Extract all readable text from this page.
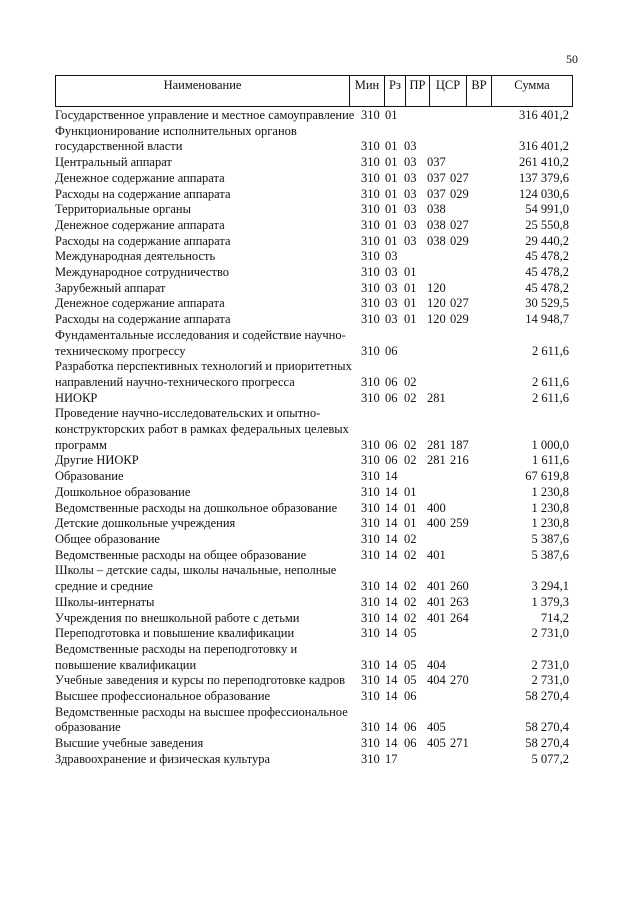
50
Наименование	Мин Рз ПР ЦСР ВР	Сумма
Государственное управление и местное самоуправление 310 01	316 401,2
Функционирование исполнительных органов государственной власти	310 01 03	316 401,2
Центральный аппарат	310 01 03 037	261 410,2
Денежное содержание аппарата	310 01 03 037 027	137 379,6
Расходы на содержание аппарата	310 01 03 037 029	124 030,6
Территориальные органы	310 01 03 038	54 991,0
Денежное содержание аппарата	310 01 03 038 027	25 550,8
Расходы на содержание аппарата	310 01 03 038 029	29 440,2
Международная деятельность	310 03	45 478,2
Международное сотрудничество	310 03 01	45 478,2
Зарубежный аппарат	310 03 01 120	45 478,2
Денежное содержание аппарата	310 03 01 120 027	30 529,5
Расходы на содержание аппарата	310 03 01 120 029	14 948,7
Фундаментальные исследования и содействие научно-техническому прогрессу	310 06	2 611,6
Разработка перспективных технологий и приоритетных направлений научно-технического прогресса	310 06 02	2 611,6
НИОКР	310 06 02 281	2 611,6
Проведение научно-исследовательских и опытно-конструкторских работ в рамках федеральных целевых программ	310 06 02 281 187	1 000,0
Другие НИОКР	310 06 02 281 216	1 611,6
Образование	310 14	67 619,8
Дошкольное образование	310 14 01	1 230,8
Ведомственные расходы на дошкольное образование	310 14 01 400	1 230,8
Детские дошкольные учреждения	310 14 01 400 259	1 230,8
Общее образование	310 14 02	5 387,6
Ведомственные расходы на общее образование	310 14 02 401	5 387,6
Школы – детские сады, школы начальные, неполные средние и средние	310 14 02 401 260	3 294,1
Школы-интернаты	310 14 02 401 263	1 379,3
Учреждения по внешкольной работе с детьми	310 14 02 401 264	714,2
Переподготовка и повышение квалификации	310 14 05	2 731,0
Ведомственные расходы на переподготовку и повышение квалификации	310 14 05 404	2 731,0
Учебные заведения и курсы по переподготовке кадров	310 14 05 404 270	2 731,0
Высшее профессиональное образование	310 14 06	58 270,4
Ведомственные расходы на высшее профессиональное образование	310 14 06 405	58 270,4
Высшие учебные заведения	310 14 06 405 271	58 270,4
Здравоохранение и физическая культура	310 17	5 077,2
